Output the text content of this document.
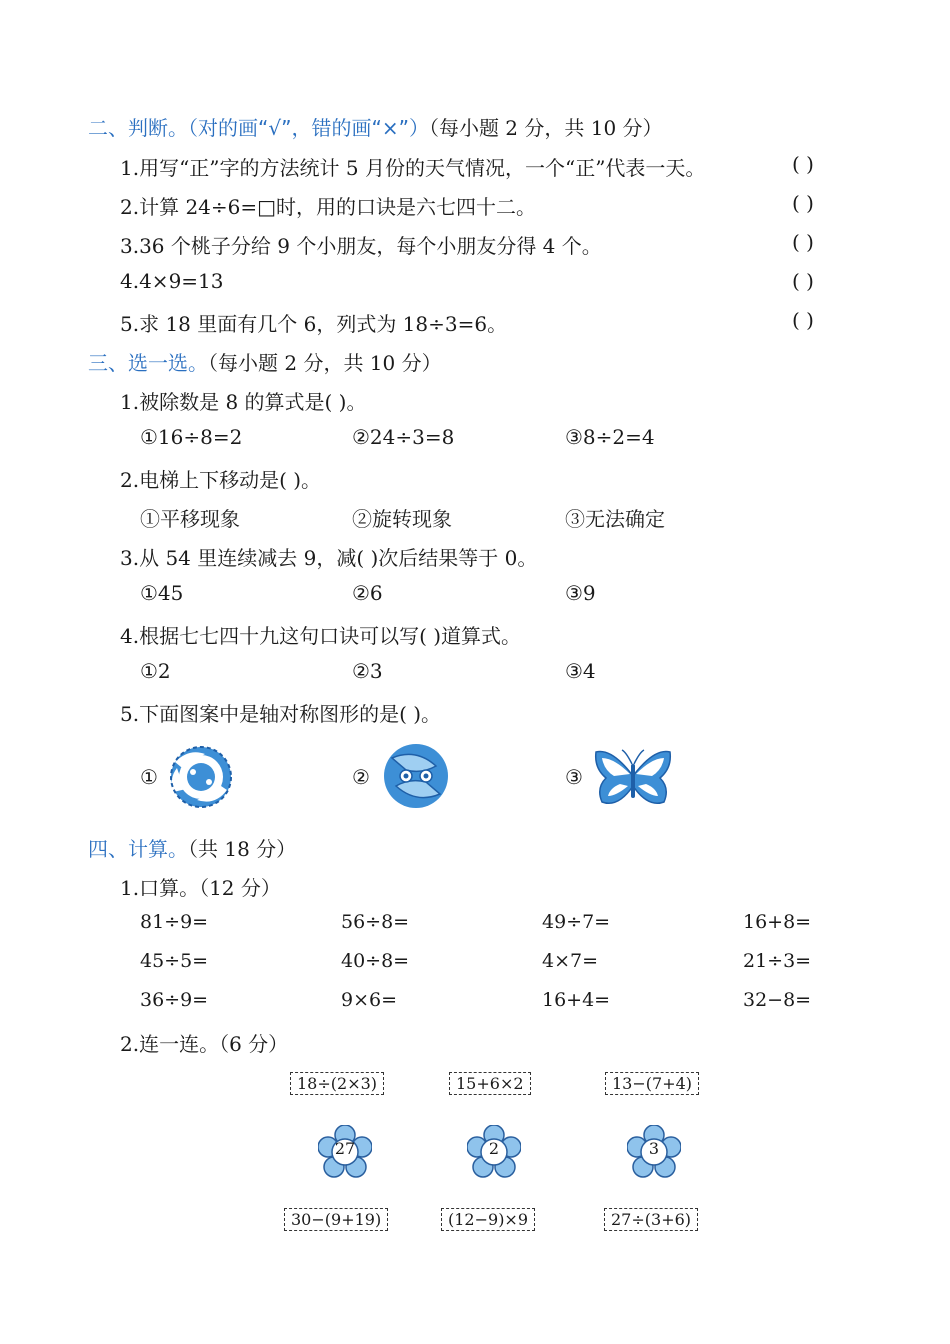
二、判断。（对的画“√”，错的画“×”）（每小题 2 分，共 10 分）
1.用写“正”字的方法统计 5 月份的天气情况，一个“正”代表一天。	( )
2.计算 24÷6=□时，用的口诀是六七四十二。	( )
3.36 个桃子分给 9 个小朋友，每个小朋友分得 4 个。	( )
4.4×9=13	( )
5.求 18 里面有几个 6，列式为 18÷3=6。	( )
三、选一选。（每小题 2 分，共 10 分）
1.被除数是 8 的算式是( )。
①16÷8=2	②24÷3=8	③8÷2=4
2.电梯上下移动是( )。
①平移现象	②旋转现象	③无法确定
3.从 54 里连续减去 9，减( )次后结果等于 0。
①45	②6	③9
4.根据七七四十九这句口诀可以写( )道算式。
①2	②3	③4
5.下面图案中是轴对称图形的是( )。
①	②	③
四、计算。（共 18 分）
1.口算。（12 分）
81÷9=	56÷8=	49÷7=	16+8=
45÷5=	40÷8=	4×7=	21÷3=
36÷9=	9×6=	16+4=	32−8=
2.连一连。（6 分）
18÷(2×3)	15+6×2	13−(7+4)
27	2	3
30−(9+19)	(12−9)×9	27÷(3+6)
